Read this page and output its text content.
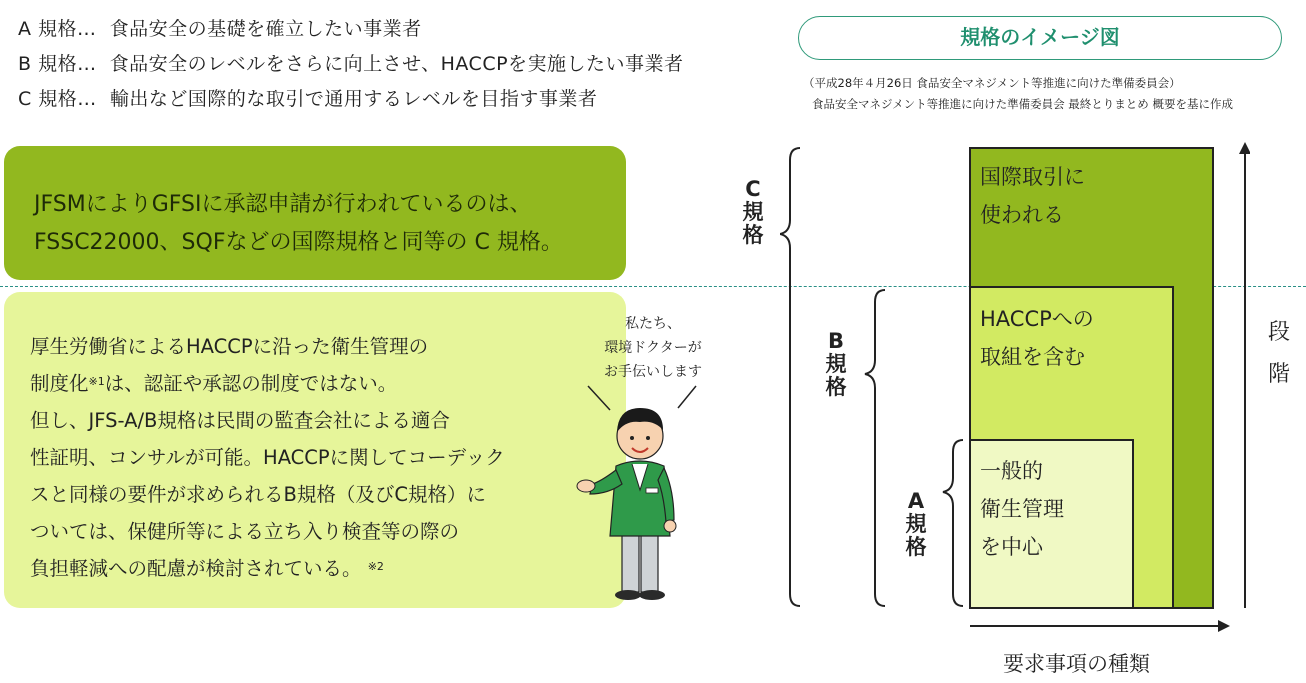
A 規格… 食品安全の基礎を確立したい事業者
B 規格… 食品安全のレベルをさらに向上させ、HACCPを実施したい事業者
C 規格… 輸出など国際的な取引で通用するレベルを目指す事業者
規格のイメージ図
（平成28年４月26日 食品安全マネジメント等推進に向けた準備委員会）
食品安全マネジメント等推進に向けた準備委員会 最終とりまとめ 概要を基に作成
JFSMによりGFSIに承認申請が行われているのは、
FSSC22000、SQFなどの国際規格と同等の C 規格。
厚生労働省によるHACCPに沿った衛生管理の
制度化$^{※1}$は、認証や承認の制度ではない。
但し、JFS-A/B規格は民間の監査会社による適合
性証明、コンサルが可能。HACCPに関してコーデック
スと同様の要件が求められるB規格（及びC規格）に
ついては、保健所等による立ち入り検査等の際の
負担軽減への配慮が検討されている。 $^{※2}$
私たち、
環境ドクターが
お手伝いします
C
規
格
B
規
格
A
規
格
国際取引に
使われる
HACCPへの
取組を含む
一般的
衛生管理
を中心
段
階
要求事項の種類
